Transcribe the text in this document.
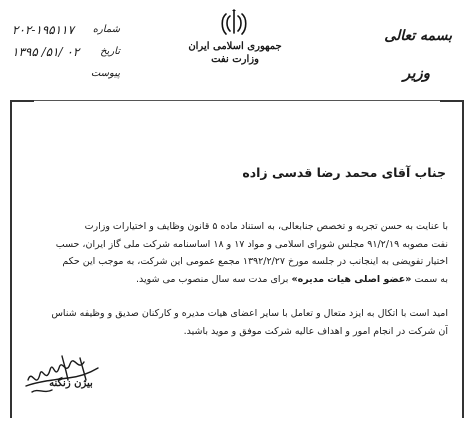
جمهوری اسلامی ایران
وزارت نفت
بسمه تعالی
وزیر
شماره
۲۰۲-۱۹۵۱۱۷
تاریخ
۱۳۹۵ /۵۱/ ۰۲
پیوست
جناب آقای محمد رضا قدسی زاده
با عنایت به حسن تجربه و تخصص جنابعالی، به استناد ماده ۵ قانون وظایف و اختیارات وزارت
نفت مصوبه ۹۱/۲/۱۹ مجلس شورای اسلامی و مواد ۱۷ و ۱۸ اساسنامه شرکت ملی گاز ایران، حسب
اختیار تفویضی به اینجانب در جلسه مورخ ۱۳۹۲/۲/۲۷ مجمع عمومی این شرکت، به موجب این حکم
به سمت «عضو اصلی هیات مدیره» برای مدت سه سال منصوب می شوید.
امید است با اتکال به ایزد متعال و تعامل با سایر اعضای هیات مدیره و کارکنان صدیق و وظیفه شناس
آن شرکت در انجام امور و اهداف عالیه شرکت موفق و موید باشید.
بیژن زنگنه
